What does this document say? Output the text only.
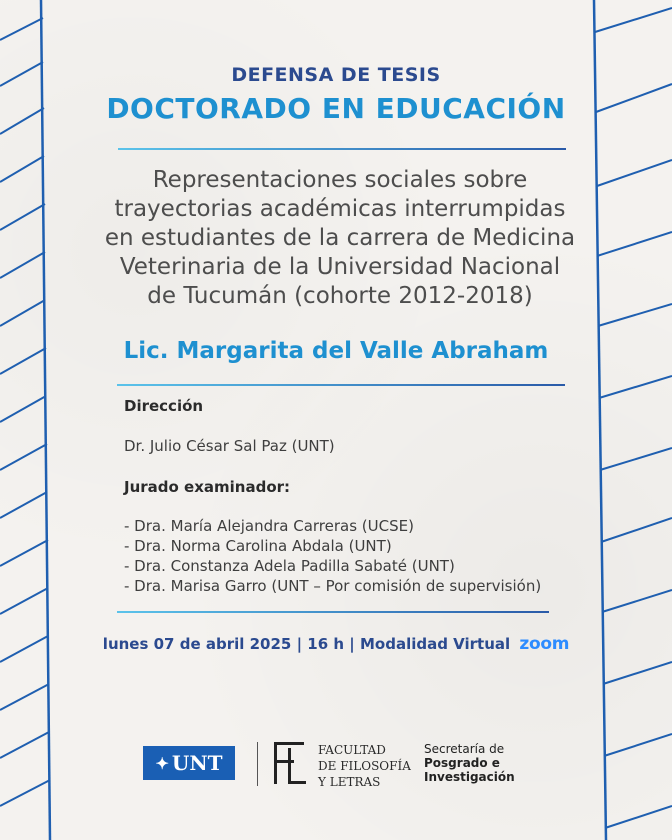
DEFENSA DE TESIS
DOCTORADO EN EDUCACIÓN
Representaciones sociales sobre
trayectorias académicas interrumpidas
en estudiantes de la carrera de Medicina
Veterinaria de la Universidad Nacional
de Tucumán (cohorte 2012-2018)
Lic. Margarita del Valle Abraham
Dirección
Dr. Julio César Sal Paz (UNT)
Jurado examinador:
- Dra. María Alejandra Carreras (UCSE)
- Dra. Norma Carolina Abdala (UNT)
- Dra. Constanza Adela Padilla Sabaté (UNT)
- Dra. Marisa Garro (UNT – Por comisión de supervisión)
lunes 07 de abril 2025 | 16 h | Modalidad Virtual zoom
✦ UNT
FACULTAD
DE FILOSOFÍA
Y LETRAS
Secretaría de
Posgrado e
Investigación
